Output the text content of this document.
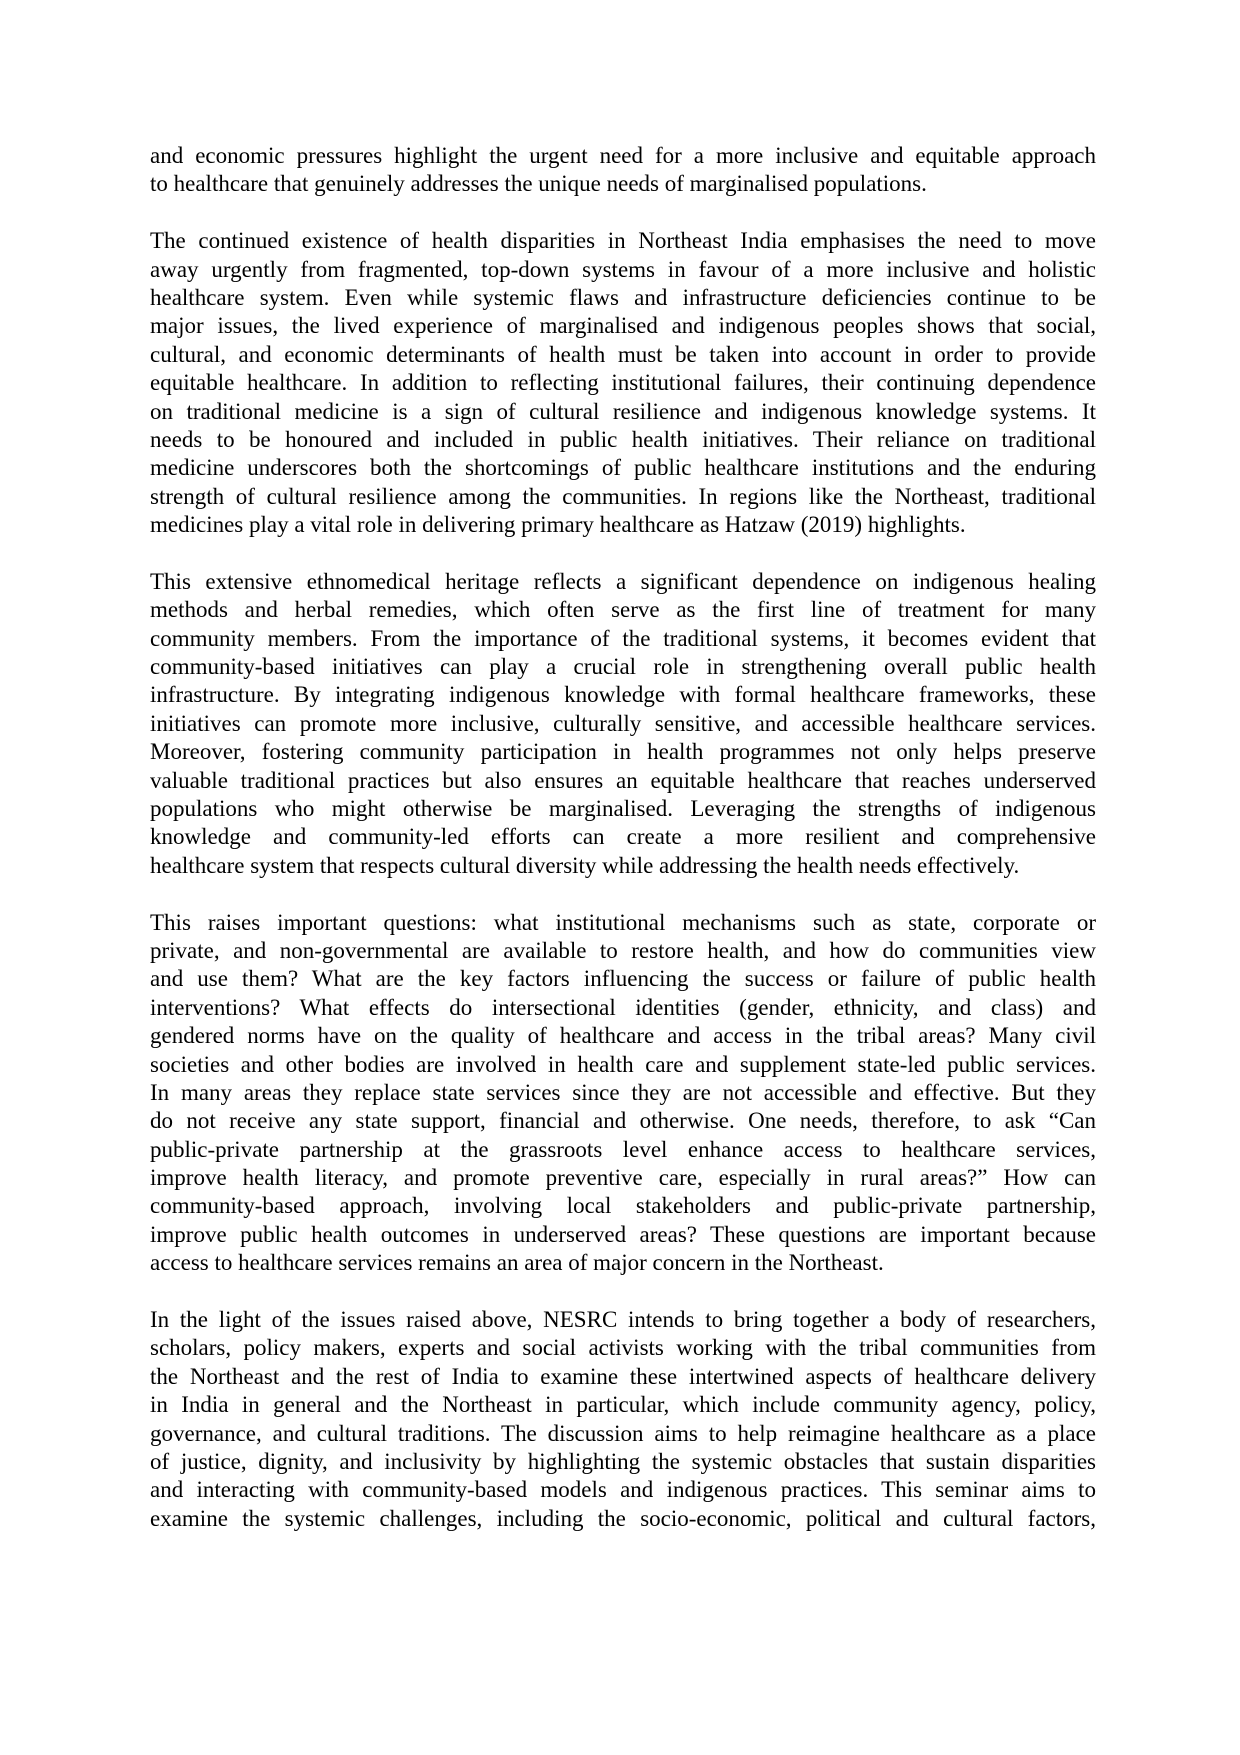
and economic pressures highlight the urgent need for a more inclusive and equitable approach
to healthcare that genuinely addresses the unique needs of marginalised populations.
The continued existence of health disparities in Northeast India emphasises the need to move
away urgently from fragmented, top-down systems in favour of a more inclusive and holistic
healthcare system. Even while systemic flaws and infrastructure deficiencies continue to be
major issues, the lived experience of marginalised and indigenous peoples shows that social,
cultural, and economic determinants of health must be taken into account in order to provide
equitable healthcare. In addition to reflecting institutional failures, their continuing dependence
on traditional medicine is a sign of cultural resilience and indigenous knowledge systems. It
needs to be honoured and included in public health initiatives. Their reliance on traditional
medicine underscores both the shortcomings of public healthcare institutions and the enduring
strength of cultural resilience among the communities. In regions like the Northeast, traditional
medicines play a vital role in delivering primary healthcare as Hatzaw (2019) highlights.
This extensive ethnomedical heritage reflects a significant dependence on indigenous healing
methods and herbal remedies, which often serve as the first line of treatment for many
community members. From the importance of the traditional systems, it becomes evident that
community-based initiatives can play a crucial role in strengthening overall public health
infrastructure. By integrating indigenous knowledge with formal healthcare frameworks, these
initiatives can promote more inclusive, culturally sensitive, and accessible healthcare services.
Moreover, fostering community participation in health programmes not only helps preserve
valuable traditional practices but also ensures an equitable healthcare that reaches underserved
populations who might otherwise be marginalised. Leveraging the strengths of indigenous
knowledge and community-led efforts can create a more resilient and comprehensive
healthcare system that respects cultural diversity while addressing the health needs effectively.
This raises important questions: what institutional mechanisms such as state, corporate or
private, and non-governmental are available to restore health, and how do communities view
and use them? What are the key factors influencing the success or failure of public health
interventions? What effects do intersectional identities (gender, ethnicity, and class) and
gendered norms have on the quality of healthcare and access in the tribal areas? Many civil
societies and other bodies are involved in health care and supplement state-led public services.
In many areas they replace state services since they are not accessible and effective. But they
do not receive any state support, financial and otherwise. One needs, therefore, to ask “Can
public-private partnership at the grassroots level enhance access to healthcare services,
improve health literacy, and promote preventive care, especially in rural areas?” How can
community-based approach, involving local stakeholders and public-private partnership,
improve public health outcomes in underserved areas? These questions are important because
access to healthcare services remains an area of major concern in the Northeast.
In the light of the issues raised above, NESRC intends to bring together a body of researchers,
scholars, policy makers, experts and social activists working with the tribal communities from
the Northeast and the rest of India to examine these intertwined aspects of healthcare delivery
in India in general and the Northeast in particular, which include community agency, policy,
governance, and cultural traditions. The discussion aims to help reimagine healthcare as a place
of justice, dignity, and inclusivity by highlighting the systemic obstacles that sustain disparities
and interacting with community-based models and indigenous practices. This seminar aims to
examine the systemic challenges, including the socio-economic, political and cultural factors,
